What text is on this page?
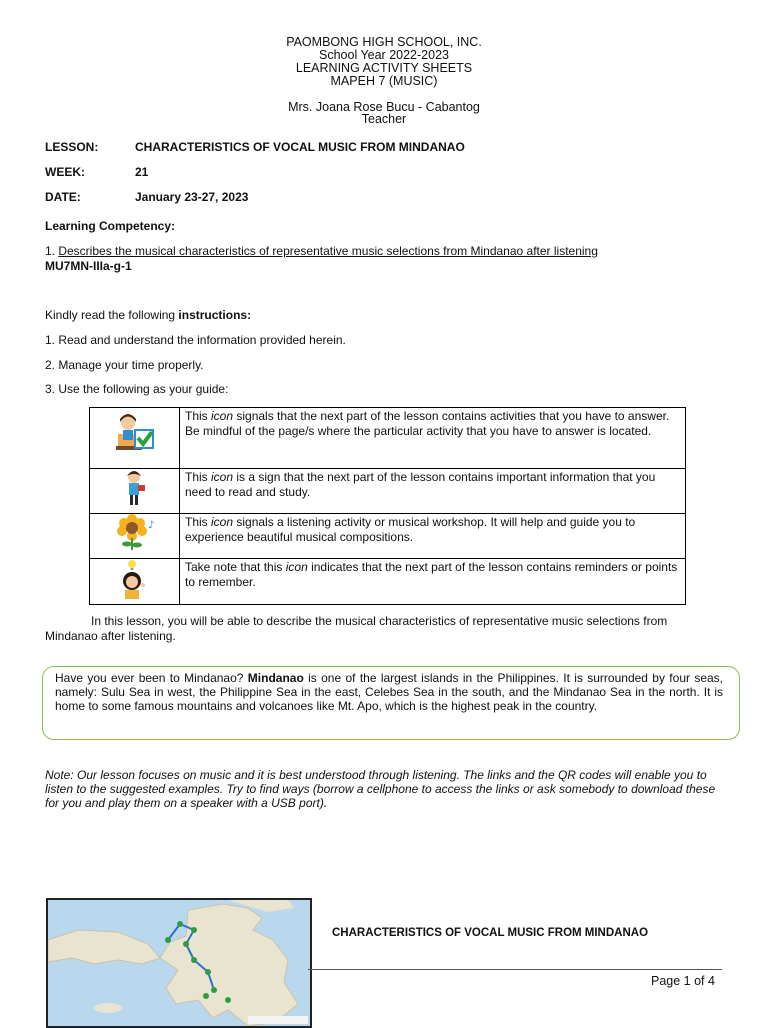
PAOMBONG HIGH SCHOOL, INC.
School Year 2022-2023
LEARNING ACTIVITY SHEETS
MAPEH 7 (MUSIC)
Mrs. Joana Rose Bucu - Cabantog
Teacher
LESSON:	CHARACTERISTICS OF VOCAL MUSIC FROM MINDANAO
WEEK:	21
DATE:	January 23-27, 2023
Learning Competency:
1. Describes the musical characteristics of representative music selections from Mindanao after listening
MU7MN-IIIa-g-1
Kindly read the following instructions:
1. Read and understand the information provided herein.
2. Manage your time properly.
3. Use the following as your guide:
	This icon signals that the next part of the lesson contains activities that you have to answer. Be mindful of the page/s where the particular activity that you have to answer is located.
	This icon is a sign that the next part of the lesson contains important information that you need to read and study.

♪	This icon signals a listening activity or musical workshop. It will help and guide you to experience beautiful musical compositions.
	Take note that this icon indicates that the next part of the lesson contains reminders or points to remember.
In this lesson, you will be able to describe the musical characteristics of representative music selections from Mindanao after listening.
Have you ever been to Mindanao? Mindanao is one of the largest islands in the Philippines. It is surrounded by four seas, namely: Sulu Sea in west, the Philippine Sea in the east, Celebes Sea in the south, and the Mindanao Sea in the north. It is home to some famous mountains and volcanoes like Mt. Apo, which is the highest peak in the country.
Note: Our lesson focuses on music and it is best understood through listening. The links and the QR codes will enable you to listen to the suggested examples. Try to find ways (borrow a cellphone to access the links or ask somebody to download these for you and play them on a speaker with a USB port).
CHARACTERISTICS OF VOCAL MUSIC FROM MINDANAO
Page 1 of 4
